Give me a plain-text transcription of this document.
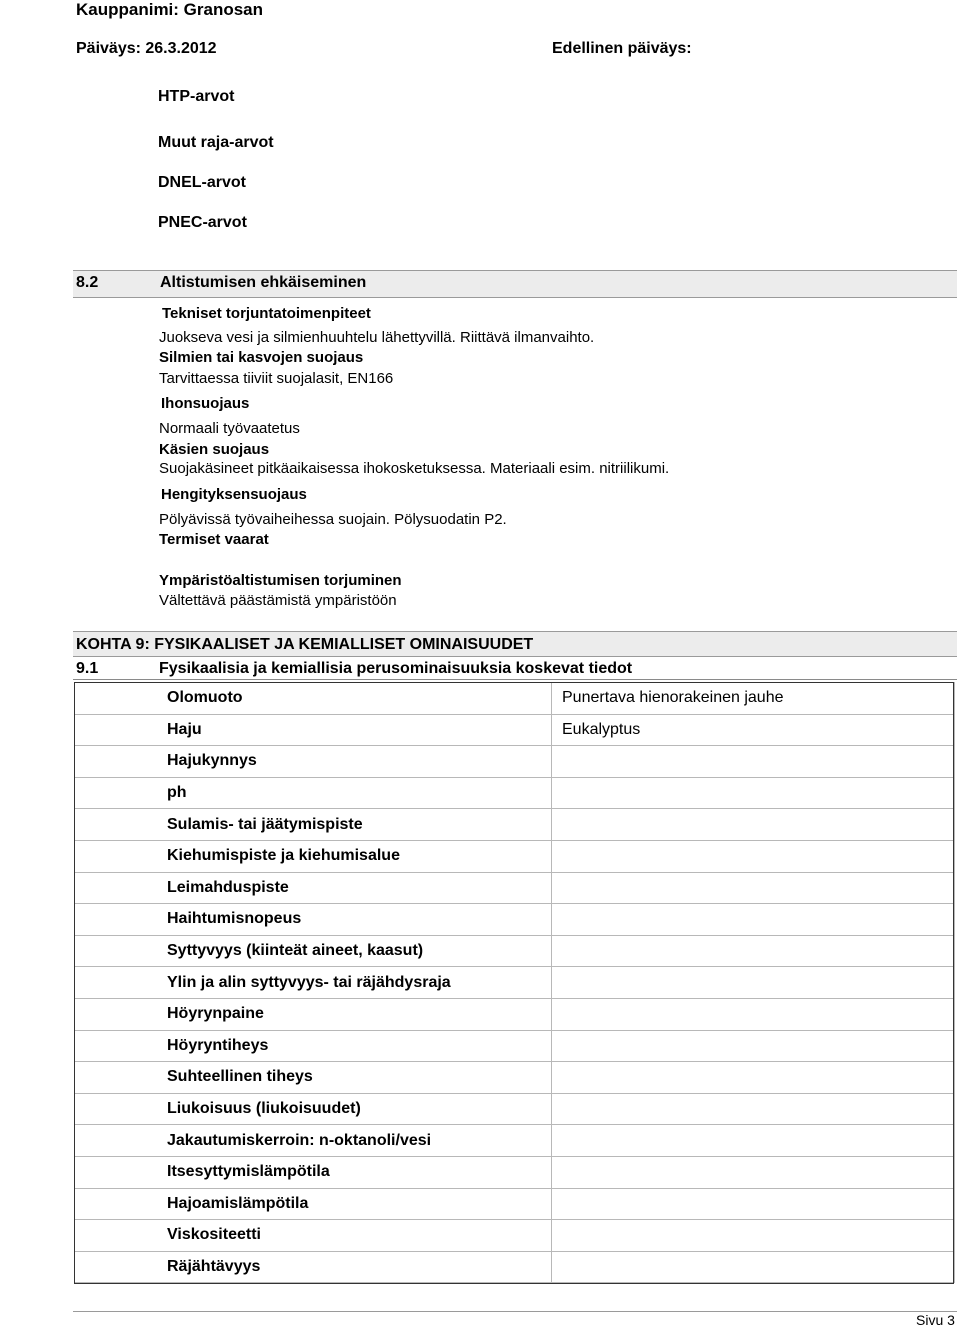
Kauppanimi: Granosan
Päiväys: 26.3.2012	Edellinen päiväys:
HTP-arvot
Muut raja-arvot
DNEL-arvot
PNEC-arvot
8.2	Altistumisen ehkäiseminen
Tekniset torjuntatoimenpiteet
Juokseva vesi ja silmienhuuhtelu lähettyvillä. Riittävä ilmanvaihto.
Silmien tai kasvojen suojaus
Tarvittaessa tiiviit suojalasit, EN166
Ihonsuojaus
Normaali työvaatetus
Käsien suojaus
Suojakäsineet pitkäaikaisessa ihokosketuksessa. Materiaali esim. nitriilikumi.
Hengityksensuojaus
Pölyävissä työvaiheihessa suojain. Pölysuodatin P2.
Termiset vaarat
Ympäristöaltistumisen torjuminen
Vältettävä päästämistä ympäristöön
KOHTA 9: FYSIKAALISET JA KEMIALLISET OMINAISUUDET
9.1	Fysikaalisia ja kemiallisia perusominaisuuksia koskevat tiedot
Olomuoto		Punertava hienorakeinen jauhe
Haju		Eukalyptus
Hajukynnys		
ph		
Sulamis- tai jäätymispiste		
Kiehumispiste ja kiehumisalue		
Leimahduspiste		
Haihtumisnopeus		
Syttyvyys (kiinteät aineet, kaasut)		
Ylin ja alin syttyvyys- tai räjähdysraja		
Höyrynpaine		
Höyryntiheys		
Suhteellinen tiheys		
Liukoisuus (liukoisuudet)		
Jakautumiskerroin: n-oktanoli/vesi		
Itsesyttymislämpötila		
Hajoamislämpötila		
Viskositeetti		
Räjähtävyys		
Sivu 3
